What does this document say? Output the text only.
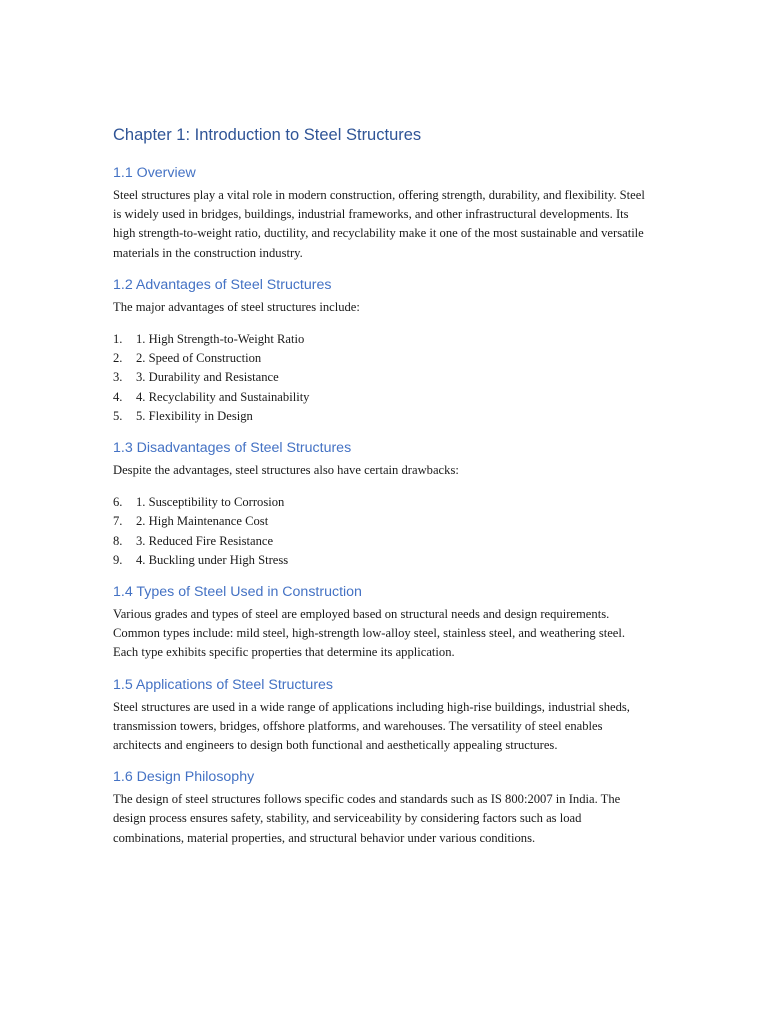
Chapter 1: Introduction to Steel Structures
1.1 Overview

Steel structures play a vital role in modern construction, offering strength, durability, and flexibility. Steel is widely used in bridges, buildings, industrial frameworks, and other infrastructural developments. Its high strength-to-weight ratio, ductility, and recyclability make it one of the most sustainable and versatile materials in the construction industry.

1.2 Advantages of Steel Structures

The major advantages of steel structures include:

1.	1. High Strength-to-Weight Ratio
2.	2. Speed of Construction
3.	3. Durability and Resistance
4.	4. Recyclability and Sustainability
5.	5. Flexibility in Design
1.3 Disadvantages of Steel Structures

Despite the advantages, steel structures also have certain drawbacks:

6.	1. Susceptibility to Corrosion
7.	2. High Maintenance Cost
8.	3. Reduced Fire Resistance
9.	4. Buckling under High Stress
1.4 Types of Steel Used in Construction

Various grades and types of steel are employed based on structural needs and design requirements. Common types include: mild steel, high-strength low-alloy steel, stainless steel, and weathering steel. Each type exhibits specific properties that determine its application.

1.5 Applications of Steel Structures

Steel structures are used in a wide range of applications including high-rise buildings, industrial sheds, transmission towers, bridges, offshore platforms, and warehouses. The versatility of steel enables architects and engineers to design both functional and aesthetically appealing structures.

1.6 Design Philosophy

The design of steel structures follows specific codes and standards such as IS 800:2007 in India. The design process ensures safety, stability, and serviceability by considering factors such as load combinations, material properties, and structural behavior under various conditions.
